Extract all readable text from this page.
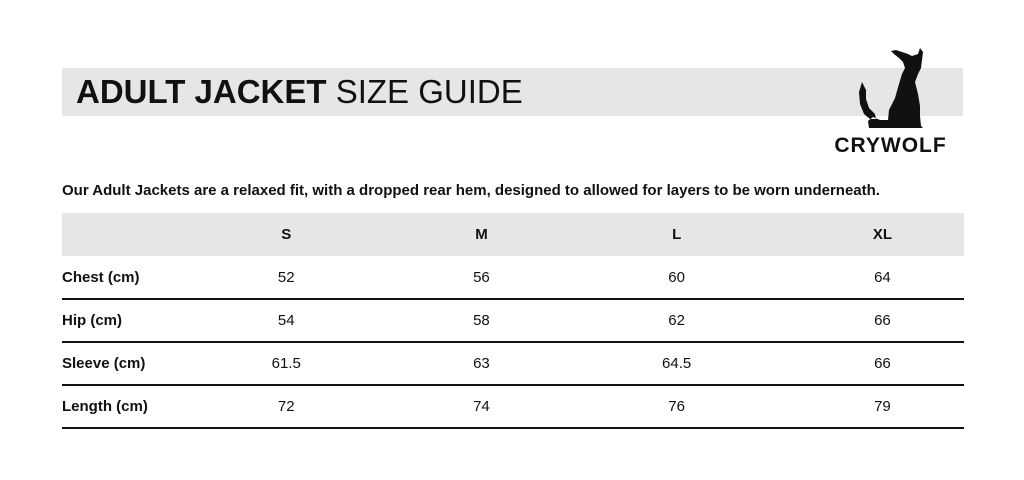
ADULT JACKET SIZE GUIDE
CRYWOLF

Our Adult Jackets are a relaxed fit, with a dropped rear hem, designed to allowed for layers to be worn underneath.

	S	M	L	XL
Chest (cm)	52	56	60	64
Hip (cm)	54	58	62	66
Sleeve (cm)	61.5	63	64.5	66
Length (cm)	72	74	76	79
